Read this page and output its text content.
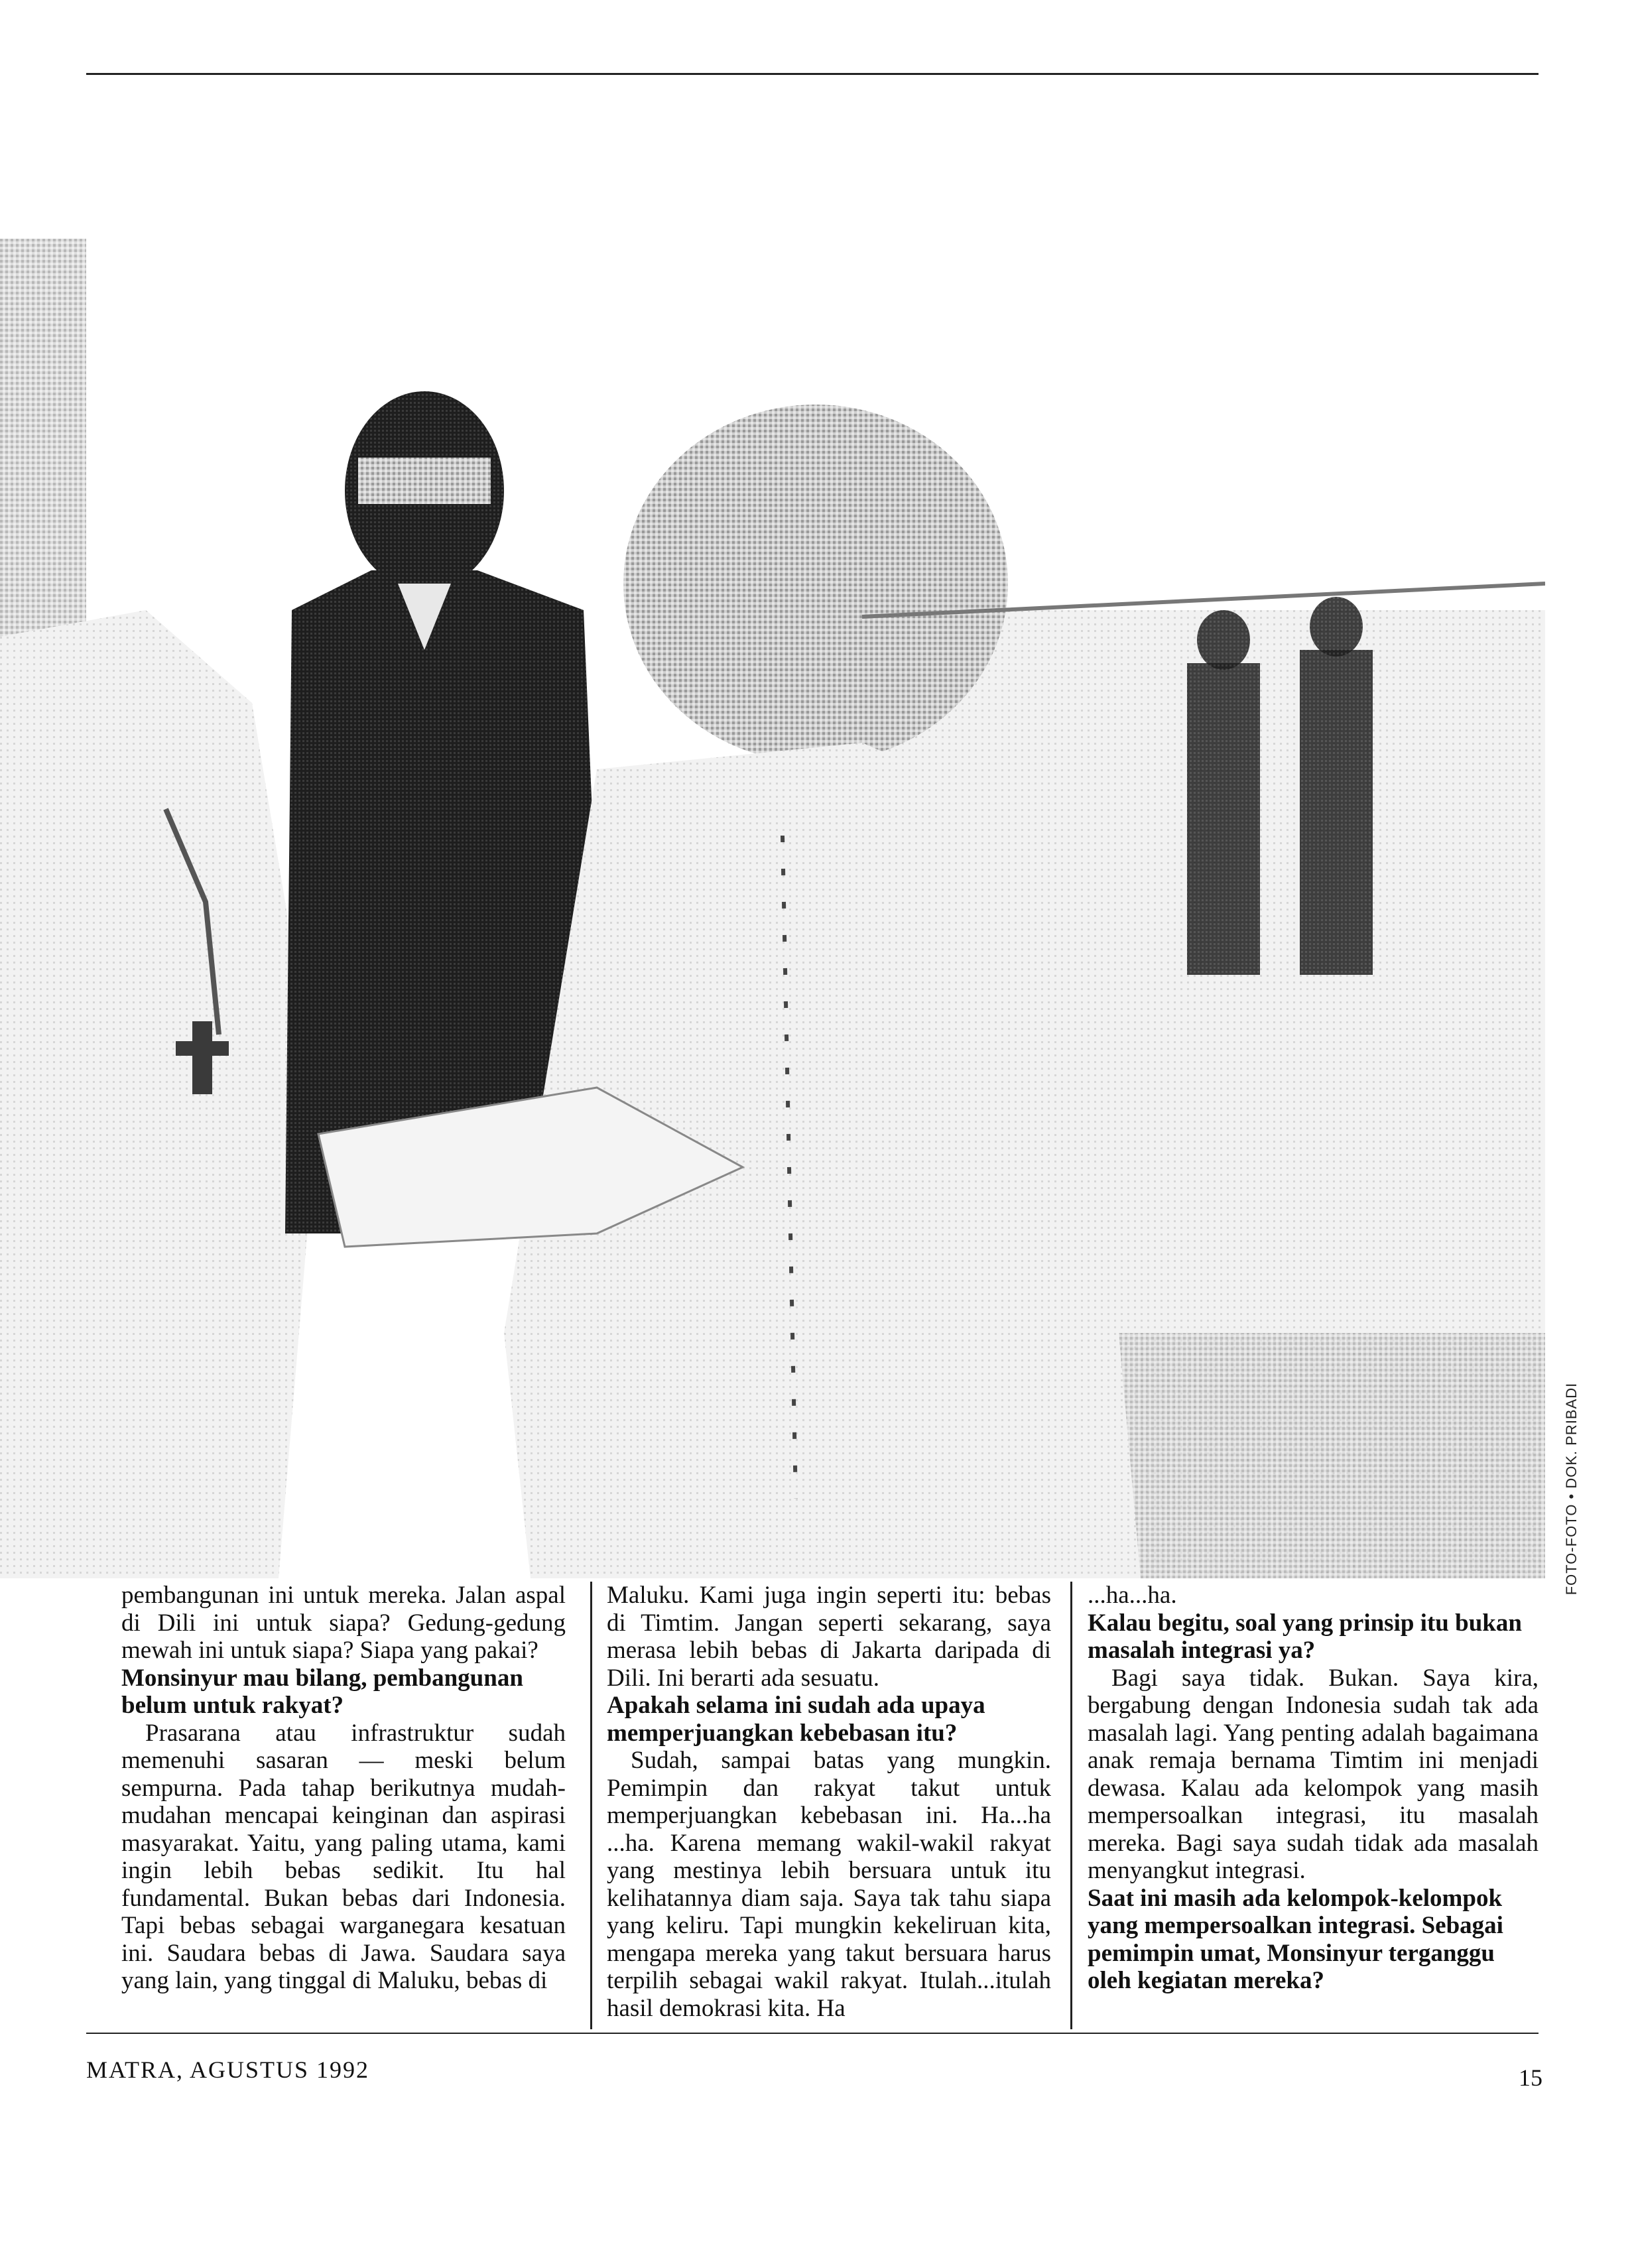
FOTO-FOTO • DOK. PRIBADI

pembangunan ini untuk mereka. Jalan aspal di Dili ini untuk siapa? Gedung-gedung mewah ini untuk siapa? Siapa yang pakai?

Monsinyur mau bilang, pembangunan belum untuk rakyat?

Prasarana atau infrastruktur sudah memenuhi sasaran — meski belum sempurna. Pada tahap berikutnya mudah-mudahan mencapai keinginan dan aspirasi masyarakat. Yaitu, yang paling utama, kami ingin lebih bebas sedikit. Itu hal fundamental. Bukan bebas dari Indonesia. Tapi bebas sebagai warganegara kesatuan ini. Saudara bebas di Jawa. Saudara saya yang lain, yang tinggal di Maluku, bebas di

Maluku. Kami juga ingin seperti itu: bebas di Timtim. Jangan seperti sekarang, saya merasa lebih bebas di Jakarta daripada di Dili. Ini berarti ada sesuatu.

Apakah selama ini sudah ada upaya memperjuangkan kebebasan itu?

Sudah, sampai batas yang mungkin. Pemimpin dan rakyat takut untuk memperjuangkan kebebasan ini. Ha...ha ...ha. Karena memang wakil-wakil rakyat yang mestinya lebih bersuara untuk itu kelihatannya diam saja. Saya tak tahu siapa yang keliru. Tapi mungkin kekeliruan kita, mengapa mereka yang takut bersuara harus terpilih sebagai wakil rakyat. Itulah...itulah hasil demokrasi kita. Ha

...ha...ha.

Kalau begitu, soal yang prinsip itu bukan masalah integrasi ya?

Bagi saya tidak. Bukan. Saya kira, bergabung dengan Indonesia sudah tak ada masalah lagi. Yang penting adalah bagaimana anak remaja bernama Timtim ini menjadi dewasa. Kalau ada kelompok yang masih mempersoalkan integrasi, itu masalah mereka. Bagi saya sudah tidak ada masalah menyangkut integrasi.

Saat ini masih ada kelompok-kelompok yang mempersoalkan integrasi. Sebagai pemimpin umat, Monsinyur terganggu oleh kegiatan mereka?

MATRA, AGUSTUS 1992	15
